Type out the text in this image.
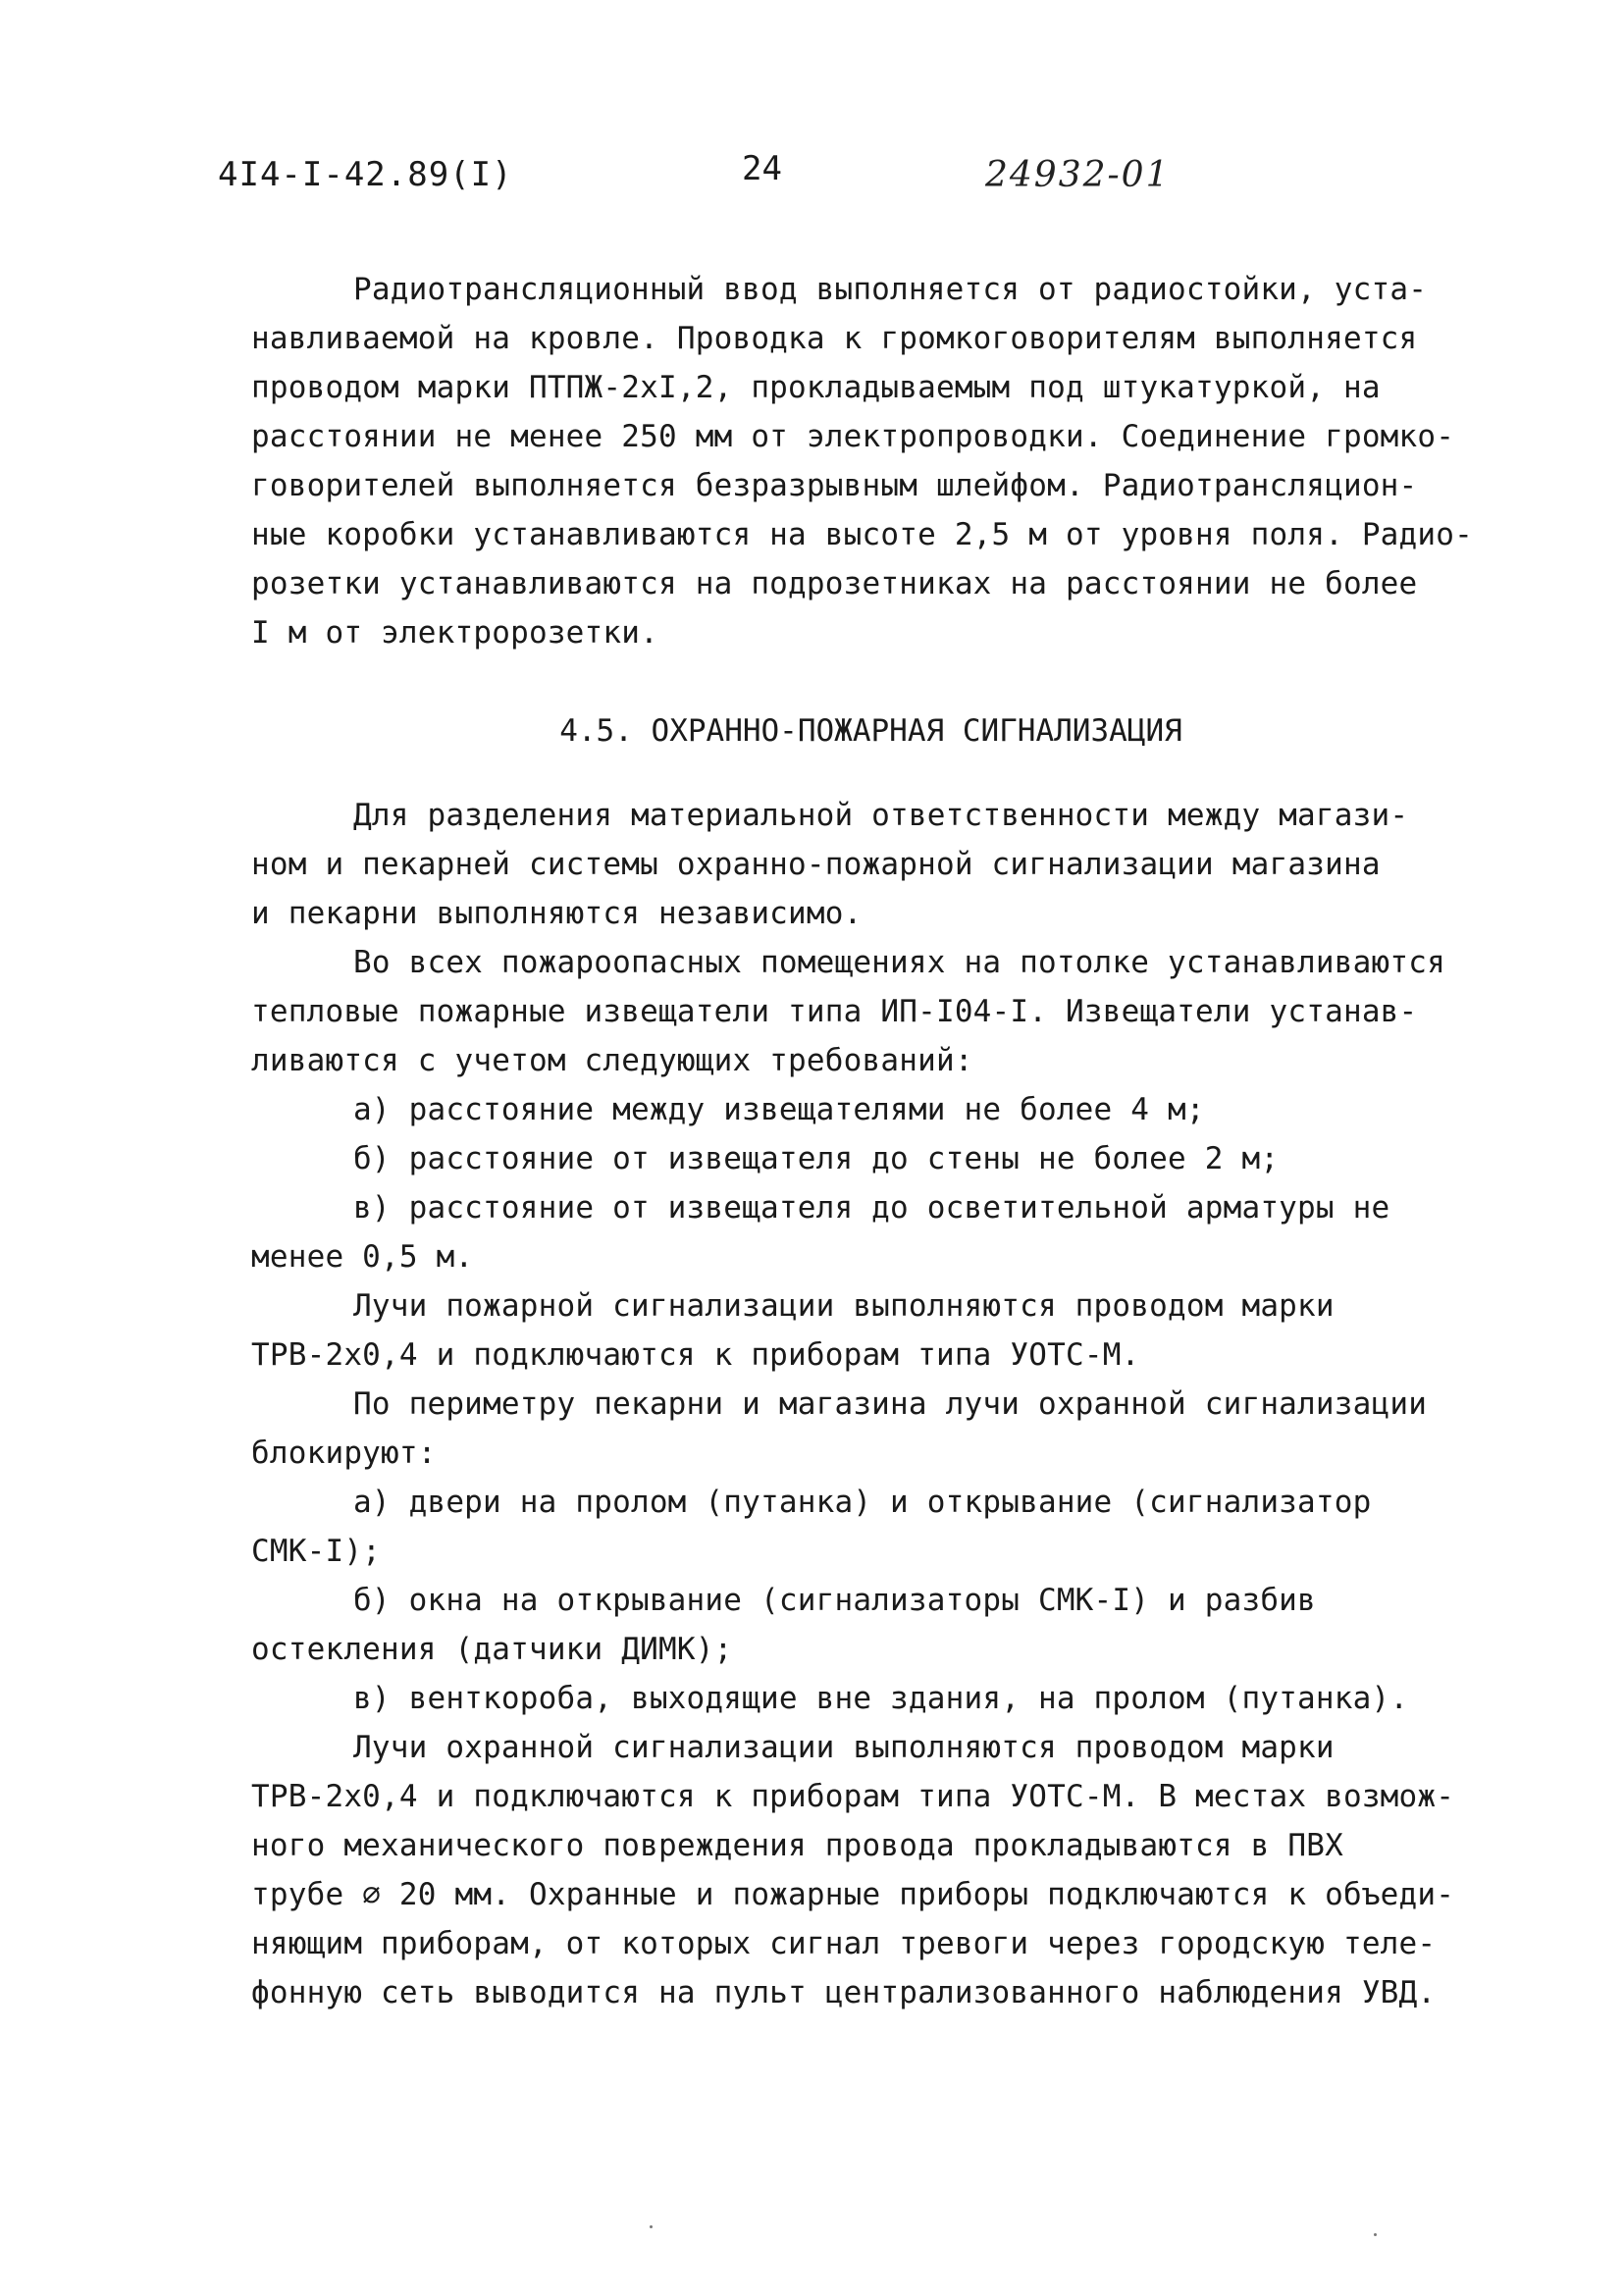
4I4-I-42.89(I)	24	24932-01
Радиотрансляционный ввод выполняется от радиостойки, уста-
навливаемой на кровле. Проводка к громкоговорителям выполняется
проводом марки ПТПЖ-2хI,2, прокладываемым под штукатуркой, на
расстоянии не менее 250 мм от электропроводки. Соединение громко-
говорителей выполняется безразрывным шлейфом. Радиотрансляцион-
ные коробки устанавливаются на высоте 2,5 м от уровня поля. Радио-
розетки устанавливаются на подрозетниках на расстоянии не более
I м от электророзетки.
4.5. ОХРАННО-ПОЖАРНАЯ СИГНАЛИЗАЦИЯ
Для разделения материальной ответственности между магази-
ном и пекарней системы охранно-пожарной сигнализации магазина
и пекарни выполняются независимо.
Во всех пожароопасных помещениях на потолке устанавливаются
тепловые пожарные извещатели типа ИП-I04-I. Извещатели устанав-
ливаются с учетом следующих требований:
а) расстояние между извещателями не более 4 м;
б) расстояние от извещателя до стены не более 2 м;
в) расстояние от извещателя до осветительной арматуры не
менее 0,5 м.
Лучи пожарной сигнализации выполняются проводом марки
ТРВ-2х0,4 и подключаются к приборам типа УОТС-М.
По периметру пекарни и магазина лучи охранной сигнализации
блокируют:
а) двери на пролом (путанка) и открывание (сигнализатор
СМК-I);
б) окна на открывание (сигнализаторы СМК-I) и разбив
остекления (датчики ДИМК);
в) венткороба, выходящие вне здания, на пролом (путанка).
Лучи охранной сигнализации выполняются проводом марки
ТРВ-2х0,4 и подключаются к приборам типа УОТС-М. В местах возмож-
ного механического повреждения провода прокладываются в ПВХ
трубе ∅ 20 мм. Охранные и пожарные приборы подключаются к объеди-
няющим приборам, от которых сигнал тревоги через городскую теле-
фонную сеть выводится на пульт централизованного наблюдения УВД.
